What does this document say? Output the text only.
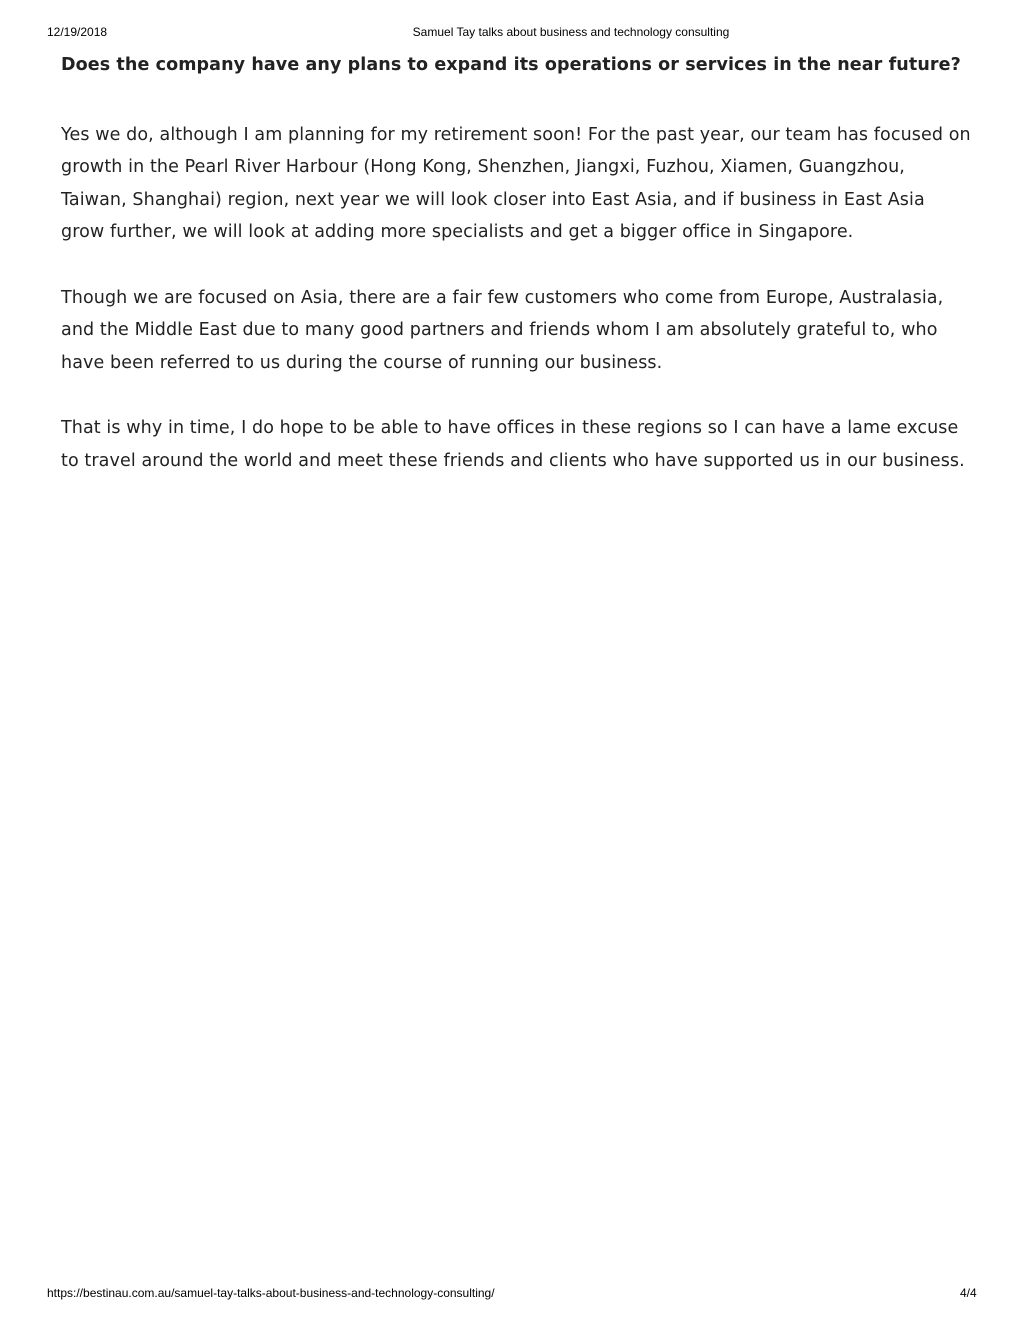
12/19/2018	Samuel Tay talks about business and technology consulting
Does the company have any plans to expand its operations or services in the near future?

Yes we do, although I am planning for my retirement soon! For the past year, our team has focused on growth in the Pearl River Harbour (Hong Kong, Shenzhen, Jiangxi, Fuzhou, Xiamen, Guangzhou, Taiwan, Shanghai) region, next year we will look closer into East Asia, and if business in East Asia grow further, we will look at adding more specialists and get a bigger office in Singapore.

Though we are focused on Asia, there are a fair few customers who come from Europe, Australasia, and the Middle East due to many good partners and friends whom I am absolutely grateful to, who have been referred to us during the course of running our business.

That is why in time, I do hope to be able to have offices in these regions so I can have a lame excuse to travel around the world and meet these friends and clients who have supported us in our business.

https://bestinau.com.au/samuel-tay-talks-about-business-and-technology-consulting/	4/4
